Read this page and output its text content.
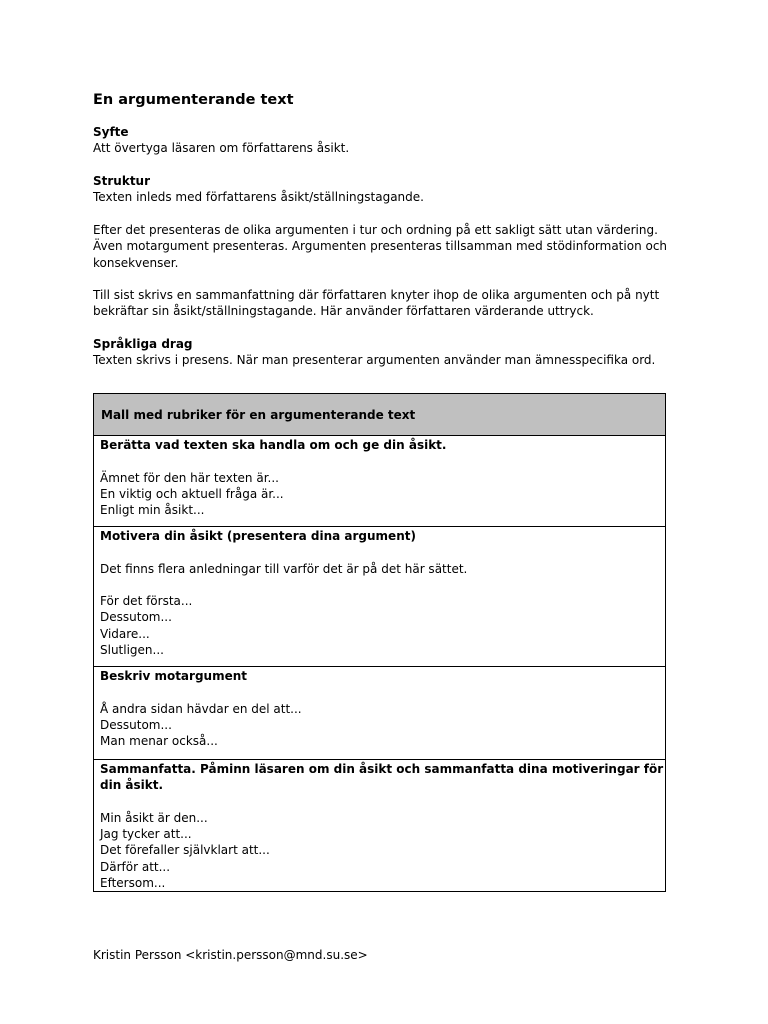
En argumenterande text
Syfte
Att övertyga läsaren om författarens åsikt.
Struktur
Texten inleds med författarens åsikt/ställningstagande.
Efter det presenteras de olika argumenten i tur och ordning på ett sakligt sätt utan värdering. Även motargument presenteras. Argumenten presenteras tillsamman med stödinformation och konsekvenser.
Till sist skrivs en sammanfattning där författaren knyter ihop de olika argumenten och på nytt bekräftar sin åsikt/ställningstagande. Här använder författaren värderande uttryck.
Språkliga drag
Texten skrivs i presens. När man presenterar argumenten använder man ämnesspecifika ord.
Mall med rubriker för en argumenterande text
Berätta vad texten ska handla om och ge din åsikt.
Ämnet för den här texten är...
En viktig och aktuell fråga är...
Enligt min åsikt...
Motivera din åsikt (presentera dina argument)
Det finns flera anledningar till varför det är på det här sättet.
För det första...
Dessutom...
Vidare...
Slutligen...
Beskriv motargument
Å andra sidan hävdar en del att...
Dessutom...
Man menar också...
Sammanfatta. Påminn läsaren om din åsikt och sammanfatta dina motiveringar för din åsikt.
Min åsikt är den...
Jag tycker att...
Det förefaller självklart att...
Därför att...
Eftersom...
Kristin Persson <kristin.persson@mnd.su.se>
